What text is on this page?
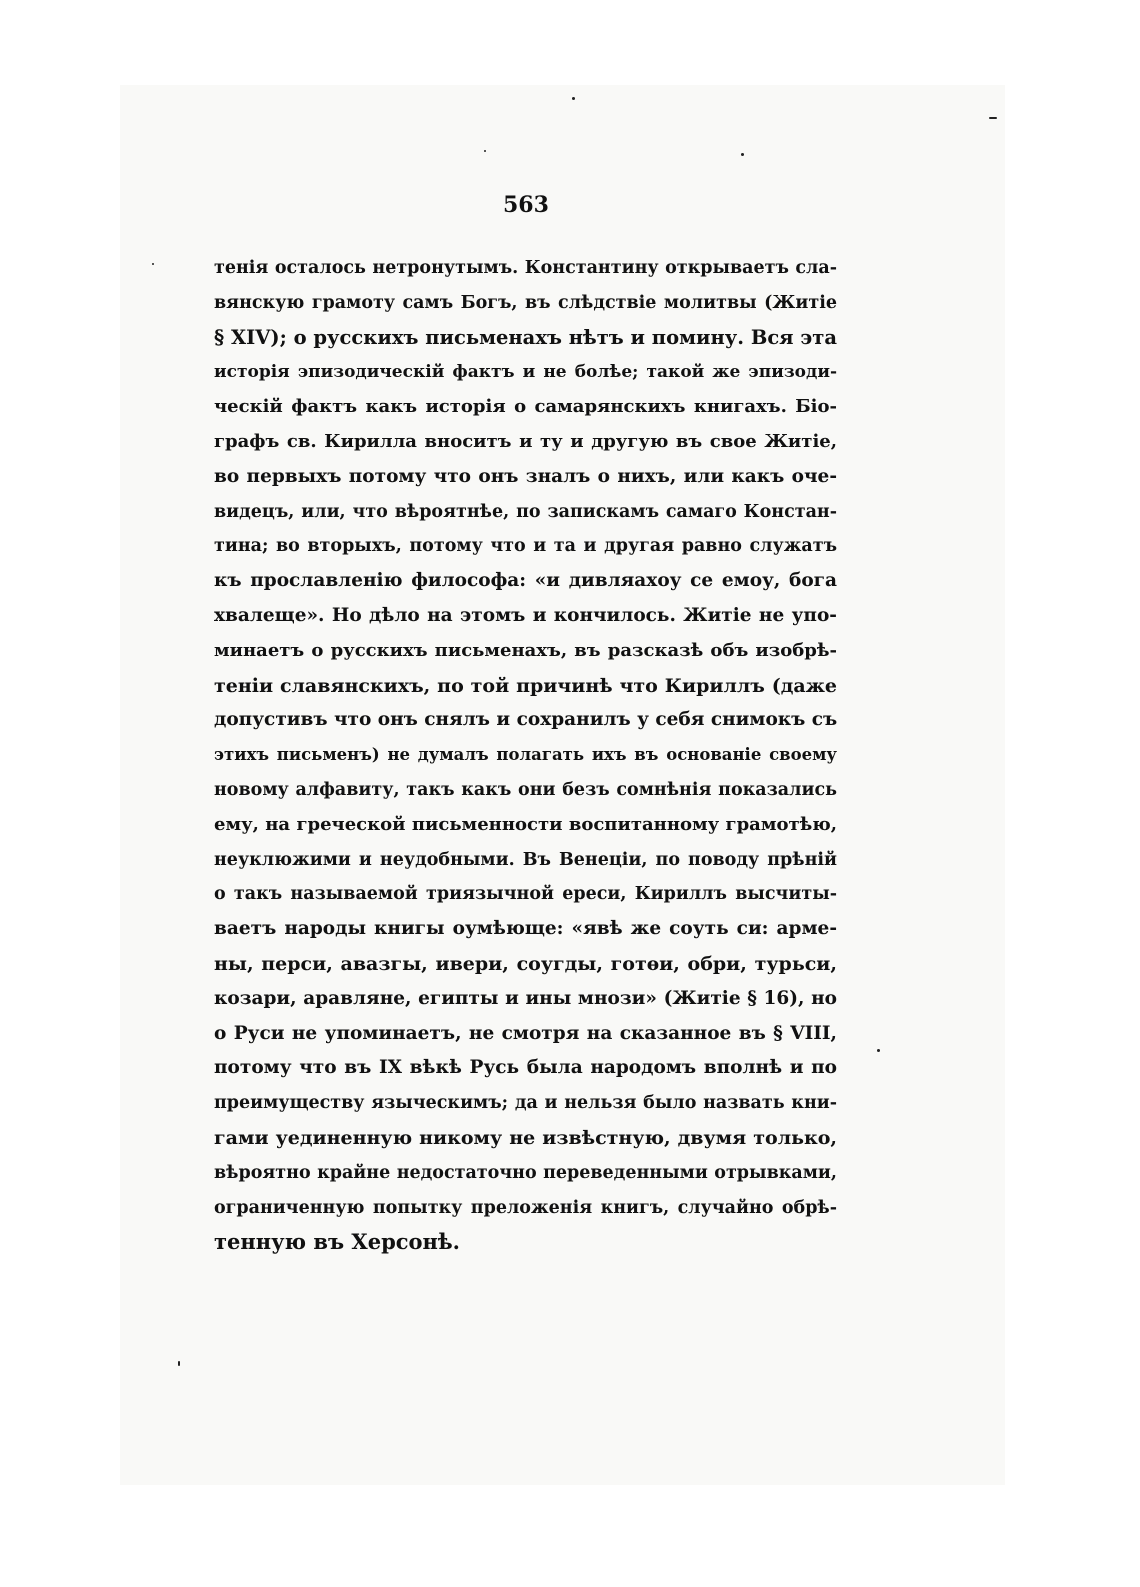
563
тенія осталось нетронутымъ. Константину открываетъ сла-
вянскую грамоту самъ Богъ, въ слѣдствіе молитвы (Житіе
§ XIV); о русскихъ письменахъ нѣтъ и помину. Вся эта
исторія эпизодическій фактъ и не болѣе; такой же эпизоди-
ческій фактъ какъ исторія о самарянскихъ книгахъ. Біо-
графъ св. Кирилла вноситъ и ту и другую въ свое Житіе,
во первыхъ потому что онъ зналъ о нихъ, или какъ оче-
видецъ, или, что вѣроятнѣе, по запискамъ самаго Констан-
тина; во вторыхъ, потому что и та и другая равно служатъ
къ прославленію философа: «и дивляахоу се емоу, бога
хвалеще». Но дѣло на этомъ и кончилось. Житіе не упо-
минаетъ о русскихъ письменахъ, въ разсказѣ объ изобрѣ-
теніи славянскихъ, по той причинѣ что Кириллъ (даже
допустивъ что онъ снялъ и сохранилъ у себя снимокъ съ
этихъ письменъ) не думалъ полагать ихъ въ основаніе своему
новому алфавиту, такъ какъ они безъ сомнѣнія показались
ему, на греческой письменности воспитанному грамотѣю,
неуклюжими и неудобными. Въ Венеціи, по поводу прѣній
о такъ называемой триязычной ереси, Кириллъ высчиты-
ваетъ народы книгы оумѣюще: «явѣ же соуть си: арме-
ны, перси, авазгы, ивери, соугды, готѳи, обри, турьси,
козари, аравляне, египты и ины мнози» (Житіе § 16), но
о Руси не упоминаетъ, не смотря на сказанное въ § VIIІ,
потому что въ IX вѣкѣ Русь была народомъ вполнѣ и по
преимуществу языческимъ; да и нельзя было назвать кни-
гами уединенную никому не извѣстную, двумя только,
вѣроятно крайне недостаточно переведенными отрывками,
ограниченную попытку преложенія книгъ, случайно обрѣ-
тенную въ Херсонѣ.
